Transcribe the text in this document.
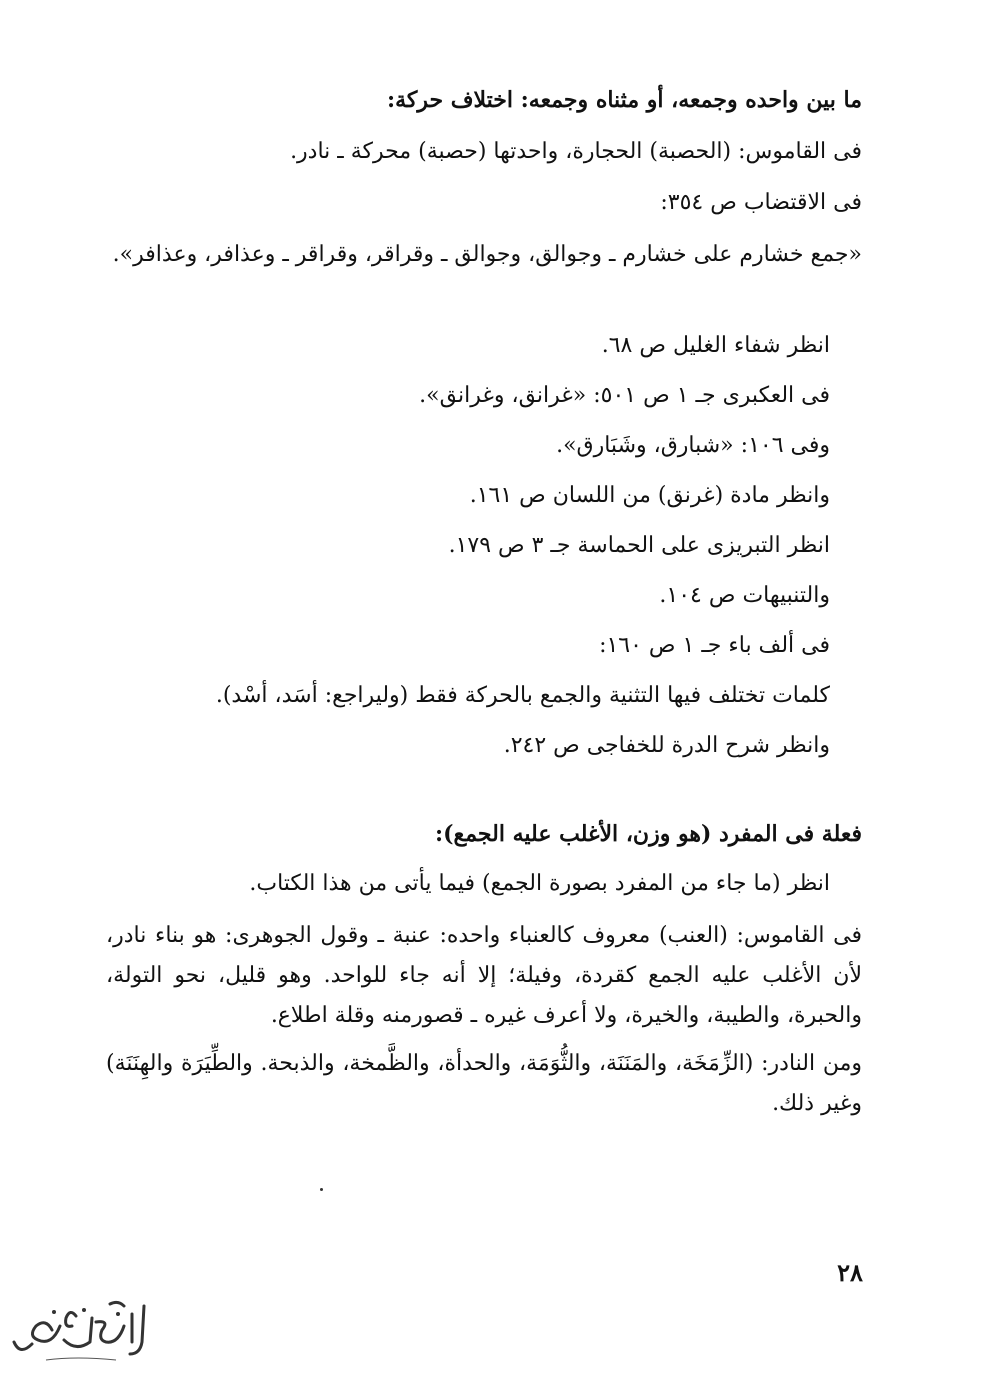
ما بين واحده وجمعه، أو مثناه وجمعه: اختلاف حركة:
فى القاموس: (الحصبة) الحجارة، واحدتها (حصبة) محركة ـ نادر.
فى الاقتضاب ص ٣٥٤:
«جمع خشارم على خشارم ـ وجوالق، وجوالق ـ وقراقر، وقراقر ـ وعذافر، وعذافر».
انظر شفاء الغليل ص ٦٨.
فى العكبرى جـ ١ ص ٥٠١: «غرانق، وغرانق».
وفى ١٠٦: «شبارق، وشَبَارق».
وانظر مادة (غرنق) من اللسان ص ١٦١.
انظر التبريزى على الحماسة جـ ٣ ص ١٧٩.
والتنبيهات ص ١٠٤.
فى ألف باء جـ ١ ص ١٦٠:
كلمات تختلف فيها التثنية والجمع بالحركة فقط (وليراجع: أسَد، أسْد).
وانظر شرح الدرة للخفاجى ص ٢٤٢.
فعلة فى المفرد (هو وزن، الأغلب عليه الجمع):
انظر (ما جاء من المفرد بصورة الجمع) فيما يأتى من هذا الكتاب.
فى القاموس: (العنب) معروف كالعنباء واحده: عنبة ـ وقول الجوهرى: هو بناء نادر، لأن الأغلب عليه الجمع كقردة، وفيلة؛ إلا أنه جاء للواحد. وهو قليل، نحو التولة، والحبرة، والطيبة، والخيرة، ولا أعرف غيره ـ قصورمنه وقلة اطلاع.
ومن النادر: (الزِّمَخَة، والمَنَنَة، والثُّوَمَة، والحدأة، والظَّمخة، والذبحة. والطِّيَرَة والهِنَنَة) وغير ذلك.
٢٨
